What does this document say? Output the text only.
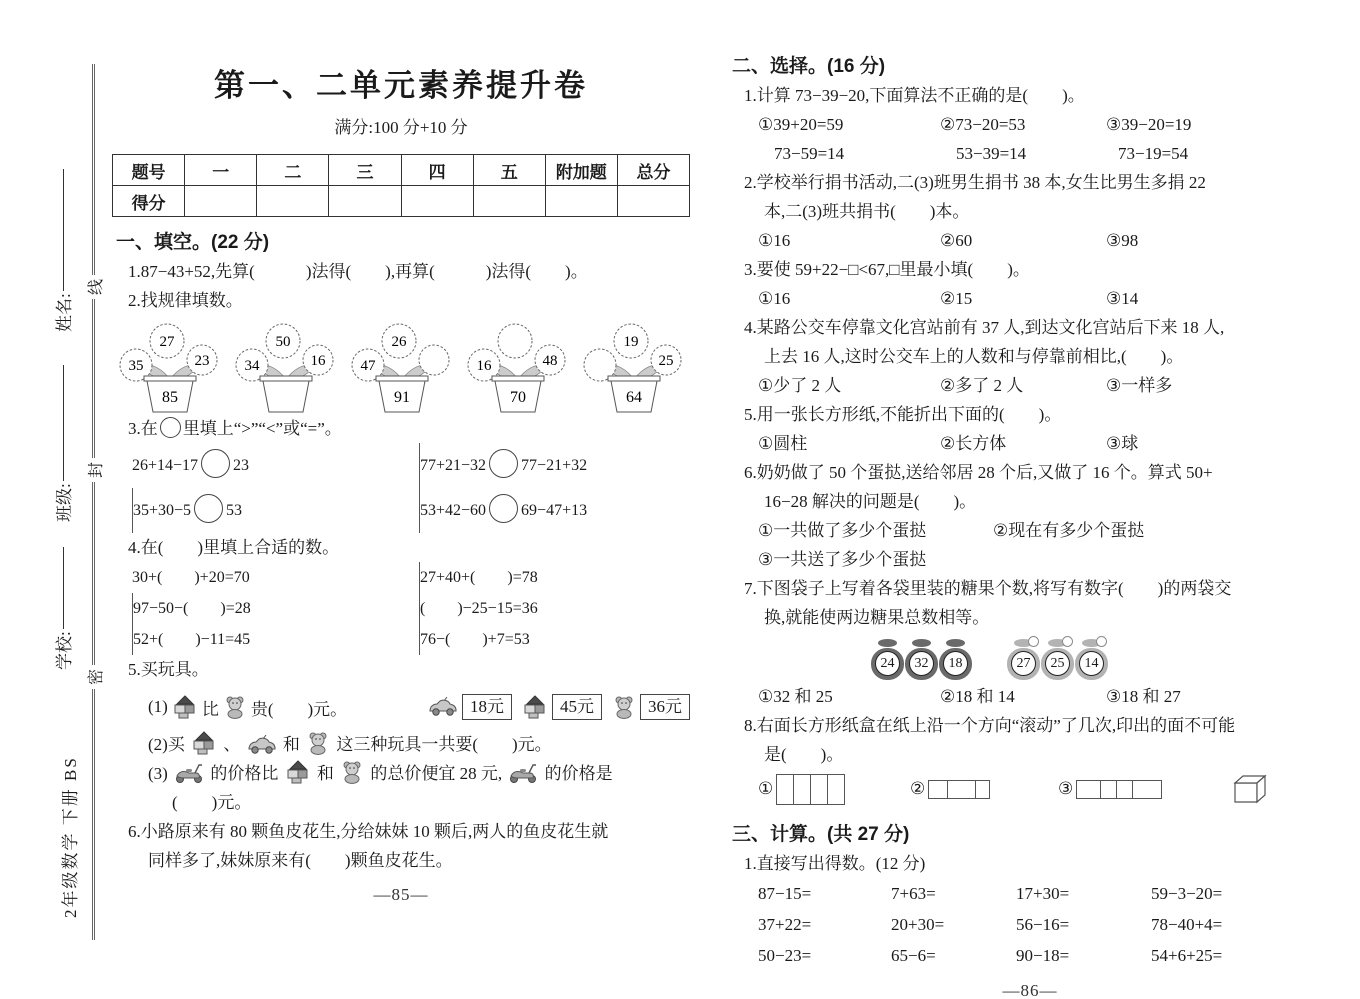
线
封
密
姓名:
班级:
学校:
2年级数学 下册 BS
第一、二单元素养提升卷
满分:100 分+10 分
题号	一	二	三	四	五	附加题	总分
得分							
一、填空。(22 分)
1.87−43+52,先算(　　　)法得(　　),再算(　　　)法得(　　)。
2.找规律填数。
35
27
23
85
34
50
16 47
26
91
16	48
70
19
25
64
3.在 里填上“>”“<”或“=”。
26+14−17 23	77+21−32 77−21+32
35+30−5 53	53+42−60 69−47+13
4.在(　　)里填上合适的数。
30+(　　)+20=70	27+40+(　　)=78
97−50−(　　)=28	(　　)−25−15=36
52+(　　)−11=45	76−(　　)+7=53
5.买玩具。
(1) 比 贵(　　)元。	18元	45元	36元
(2)买 、	和 这三种玩具一共要(　　)元。
(3)	的价格比 和 的总价便宜 28 元,	的价格是
(　　)元。
6.小路原来有 80 颗鱼皮花生,分给妹妹 10 颗后,两人的鱼皮花生就
同样多了,妹妹原来有(　　)颗鱼皮花生。
—85—
二、选择。(16 分)
1.计算 73−39−20,下面算法不正确的是(　　)。
①39+20=59	②73−20=53	③39−20=19
73−59=14	53−39=14	73−19=54
2.学校举行捐书活动,二(3)班男生捐书 38 本,女生比男生多捐 22
本,二(3)班共捐书(　　)本。
①16	②60	③98
3.要使 59+22−□<67,□里最小填(　　)。
①16	②15	③14
4.某路公交车停靠文化宫站前有 37 人,到达文化宫站后下来 18 人,
上去 16 人,这时公交车上的人数和与停靠前相比,(　　)。
①少了 2 人	②多了 2 人	③一样多
5.用一张长方形纸,不能折出下面的(　　)。
①圆柱	②长方体	③球
6.奶奶做了 50 个蛋挞,送给邻居 28 个后,又做了 16 个。算式 50+
16−28 解决的问题是(　　)。
①一共做了多少个蛋挞	②现在有多少个蛋挞
③一共送了多少个蛋挞
7.下图袋子上写着各袋里装的糖果个数,将写有数字(　　)的两袋交
换,就能使两边糖果总数相等。
24	32	18	27	25	14
①32 和 25	②18 和 14	③18 和 27
8.右面长方形纸盒在纸上沿一个方向“滚动”了几次,印出的面不可能
是(　　)。
①	②	③
三、计算。(共 27 分)
1.直接写出得数。(12 分)
87−15=	7+63=	17+30=	59−3−20=
37+22=	20+30=	56−16=	78−40+4=
50−23=	65−6=	90−18=	54+6+25=
—86—
